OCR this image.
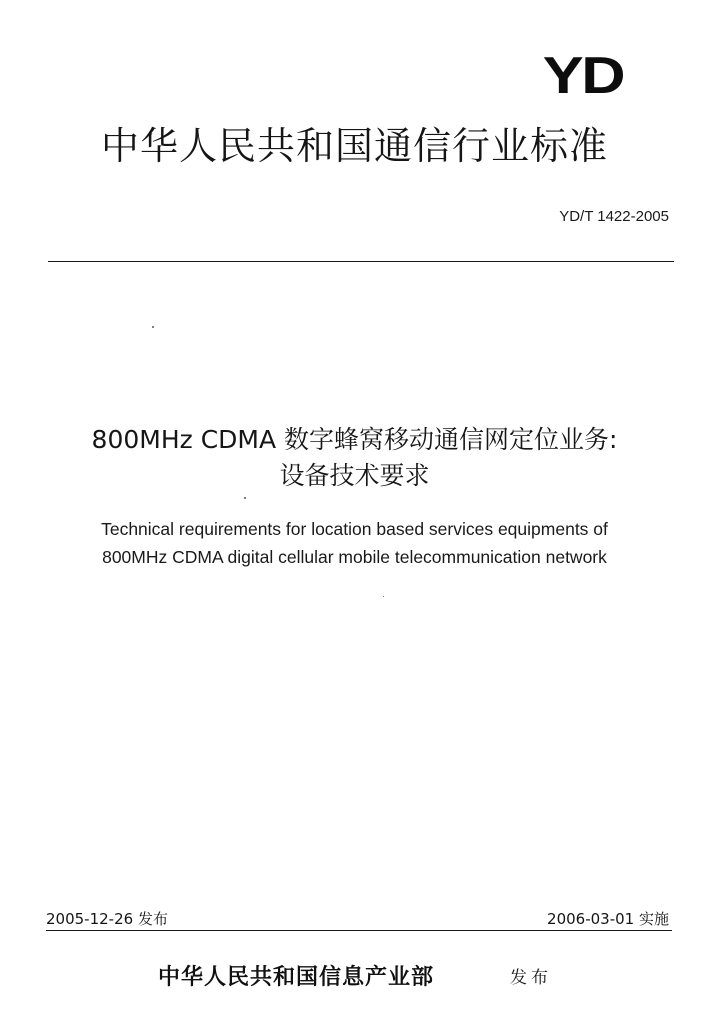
YD
中华人民共和国通信行业标准
YD/T 1422-2005
800MHz CDMA 数字蜂窝移动通信网定位业务:
设备技术要求
Technical requirements for location based services equipments of
800MHz CDMA digital cellular mobile telecommunication network
2005-12-26 发布	2006-03-01 实施
中华人民共和国信息产业部	发布
